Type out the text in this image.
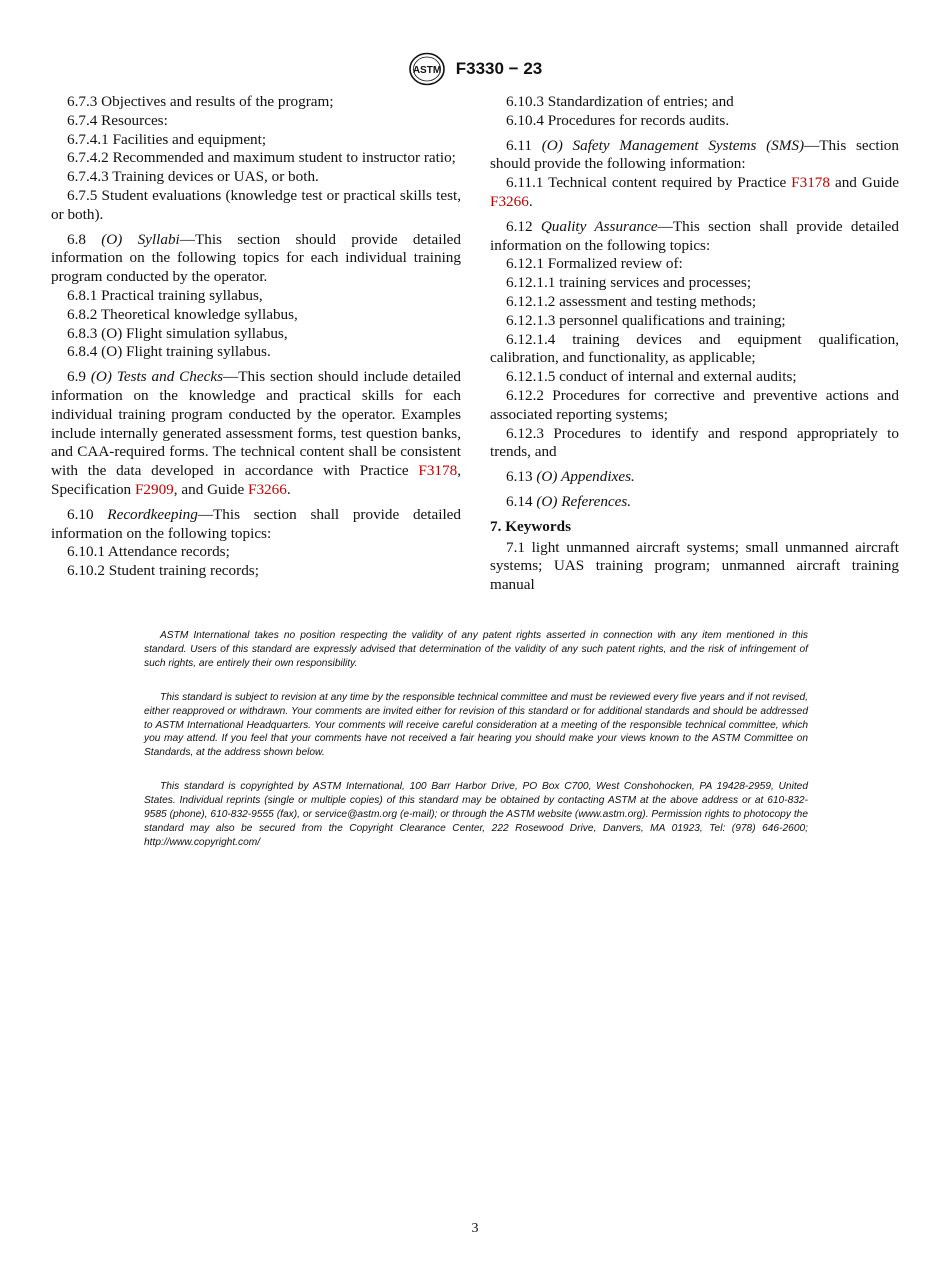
ASTM F3330 − 23

6.7.3 Objectives and results of the program;

6.7.4 Resources:

6.7.4.1 Facilities and equipment;

6.7.4.2 Recommended and maximum student to instructor ratio;

6.7.4.3 Training devices or UAS, or both.

6.7.5 Student evaluations (knowledge test or practical skills test, or both).

6.8 (O) Syllabi—This section should provide detailed information on the following topics for each individual training program conducted by the operator.

6.8.1 Practical training syllabus,

6.8.2 Theoretical knowledge syllabus,

6.8.3 (O) Flight simulation syllabus,

6.8.4 (O) Flight training syllabus.

6.9 (O) Tests and Checks—This section should include detailed information on the knowledge and practical skills for each individual training program conducted by the operator. Examples include internally generated assessment forms, test question banks, and CAA-required forms. The technical content shall be consistent with the data developed in accordance with Practice F3178, Specification F2909, and Guide F3266.

6.10 Recordkeeping—This section shall provide detailed information on the following topics:

6.10.1 Attendance records;

6.10.2 Student training records;

6.10.3 Standardization of entries; and

6.10.4 Procedures for records audits.

6.11 (O) Safety Management Systems (SMS)—This section should provide the following information:

6.11.1 Technical content required by Practice F3178 and Guide F3266.

6.12 Quality Assurance—This section shall provide detailed information on the following topics:

6.12.1 Formalized review of:

6.12.1.1 training services and processes;

6.12.1.2 assessment and testing methods;

6.12.1.3 personnel qualifications and training;

6.12.1.4 training devices and equipment qualification, calibration, and functionality, as applicable;

6.12.1.5 conduct of internal and external audits;

6.12.2 Procedures for corrective and preventive actions and associated reporting systems;

6.12.3 Procedures to identify and respond appropriately to trends, and

6.13 (O) Appendixes.

6.14 (O) References.

7. Keywords

7.1 light unmanned aircraft systems; small unmanned aircraft systems; UAS training program; unmanned aircraft training manual

ASTM International takes no position respecting the validity of any patent rights asserted in connection with any item mentioned in this standard. Users of this standard are expressly advised that determination of the validity of any such patent rights, and the risk of infringement of such rights, are entirely their own responsibility.

This standard is subject to revision at any time by the responsible technical committee and must be reviewed every five years and if not revised, either reapproved or withdrawn. Your comments are invited either for revision of this standard or for additional standards and should be addressed to ASTM International Headquarters. Your comments will receive careful consideration at a meeting of the responsible technical committee, which you may attend. If you feel that your comments have not received a fair hearing you should make your views known to the ASTM Committee on Standards, at the address shown below.

This standard is copyrighted by ASTM International, 100 Barr Harbor Drive, PO Box C700, West Conshohocken, PA 19428-2959, United States. Individual reprints (single or multiple copies) of this standard may be obtained by contacting ASTM at the above address or at 610-832-9585 (phone), 610-832-9555 (fax), or service@astm.org (e-mail); or through the ASTM website (www.astm.org). Permission rights to photocopy the standard may also be secured from the Copyright Clearance Center, 222 Rosewood Drive, Danvers, MA 01923, Tel: (978) 646-2600; http://www.copyright.com/

3
